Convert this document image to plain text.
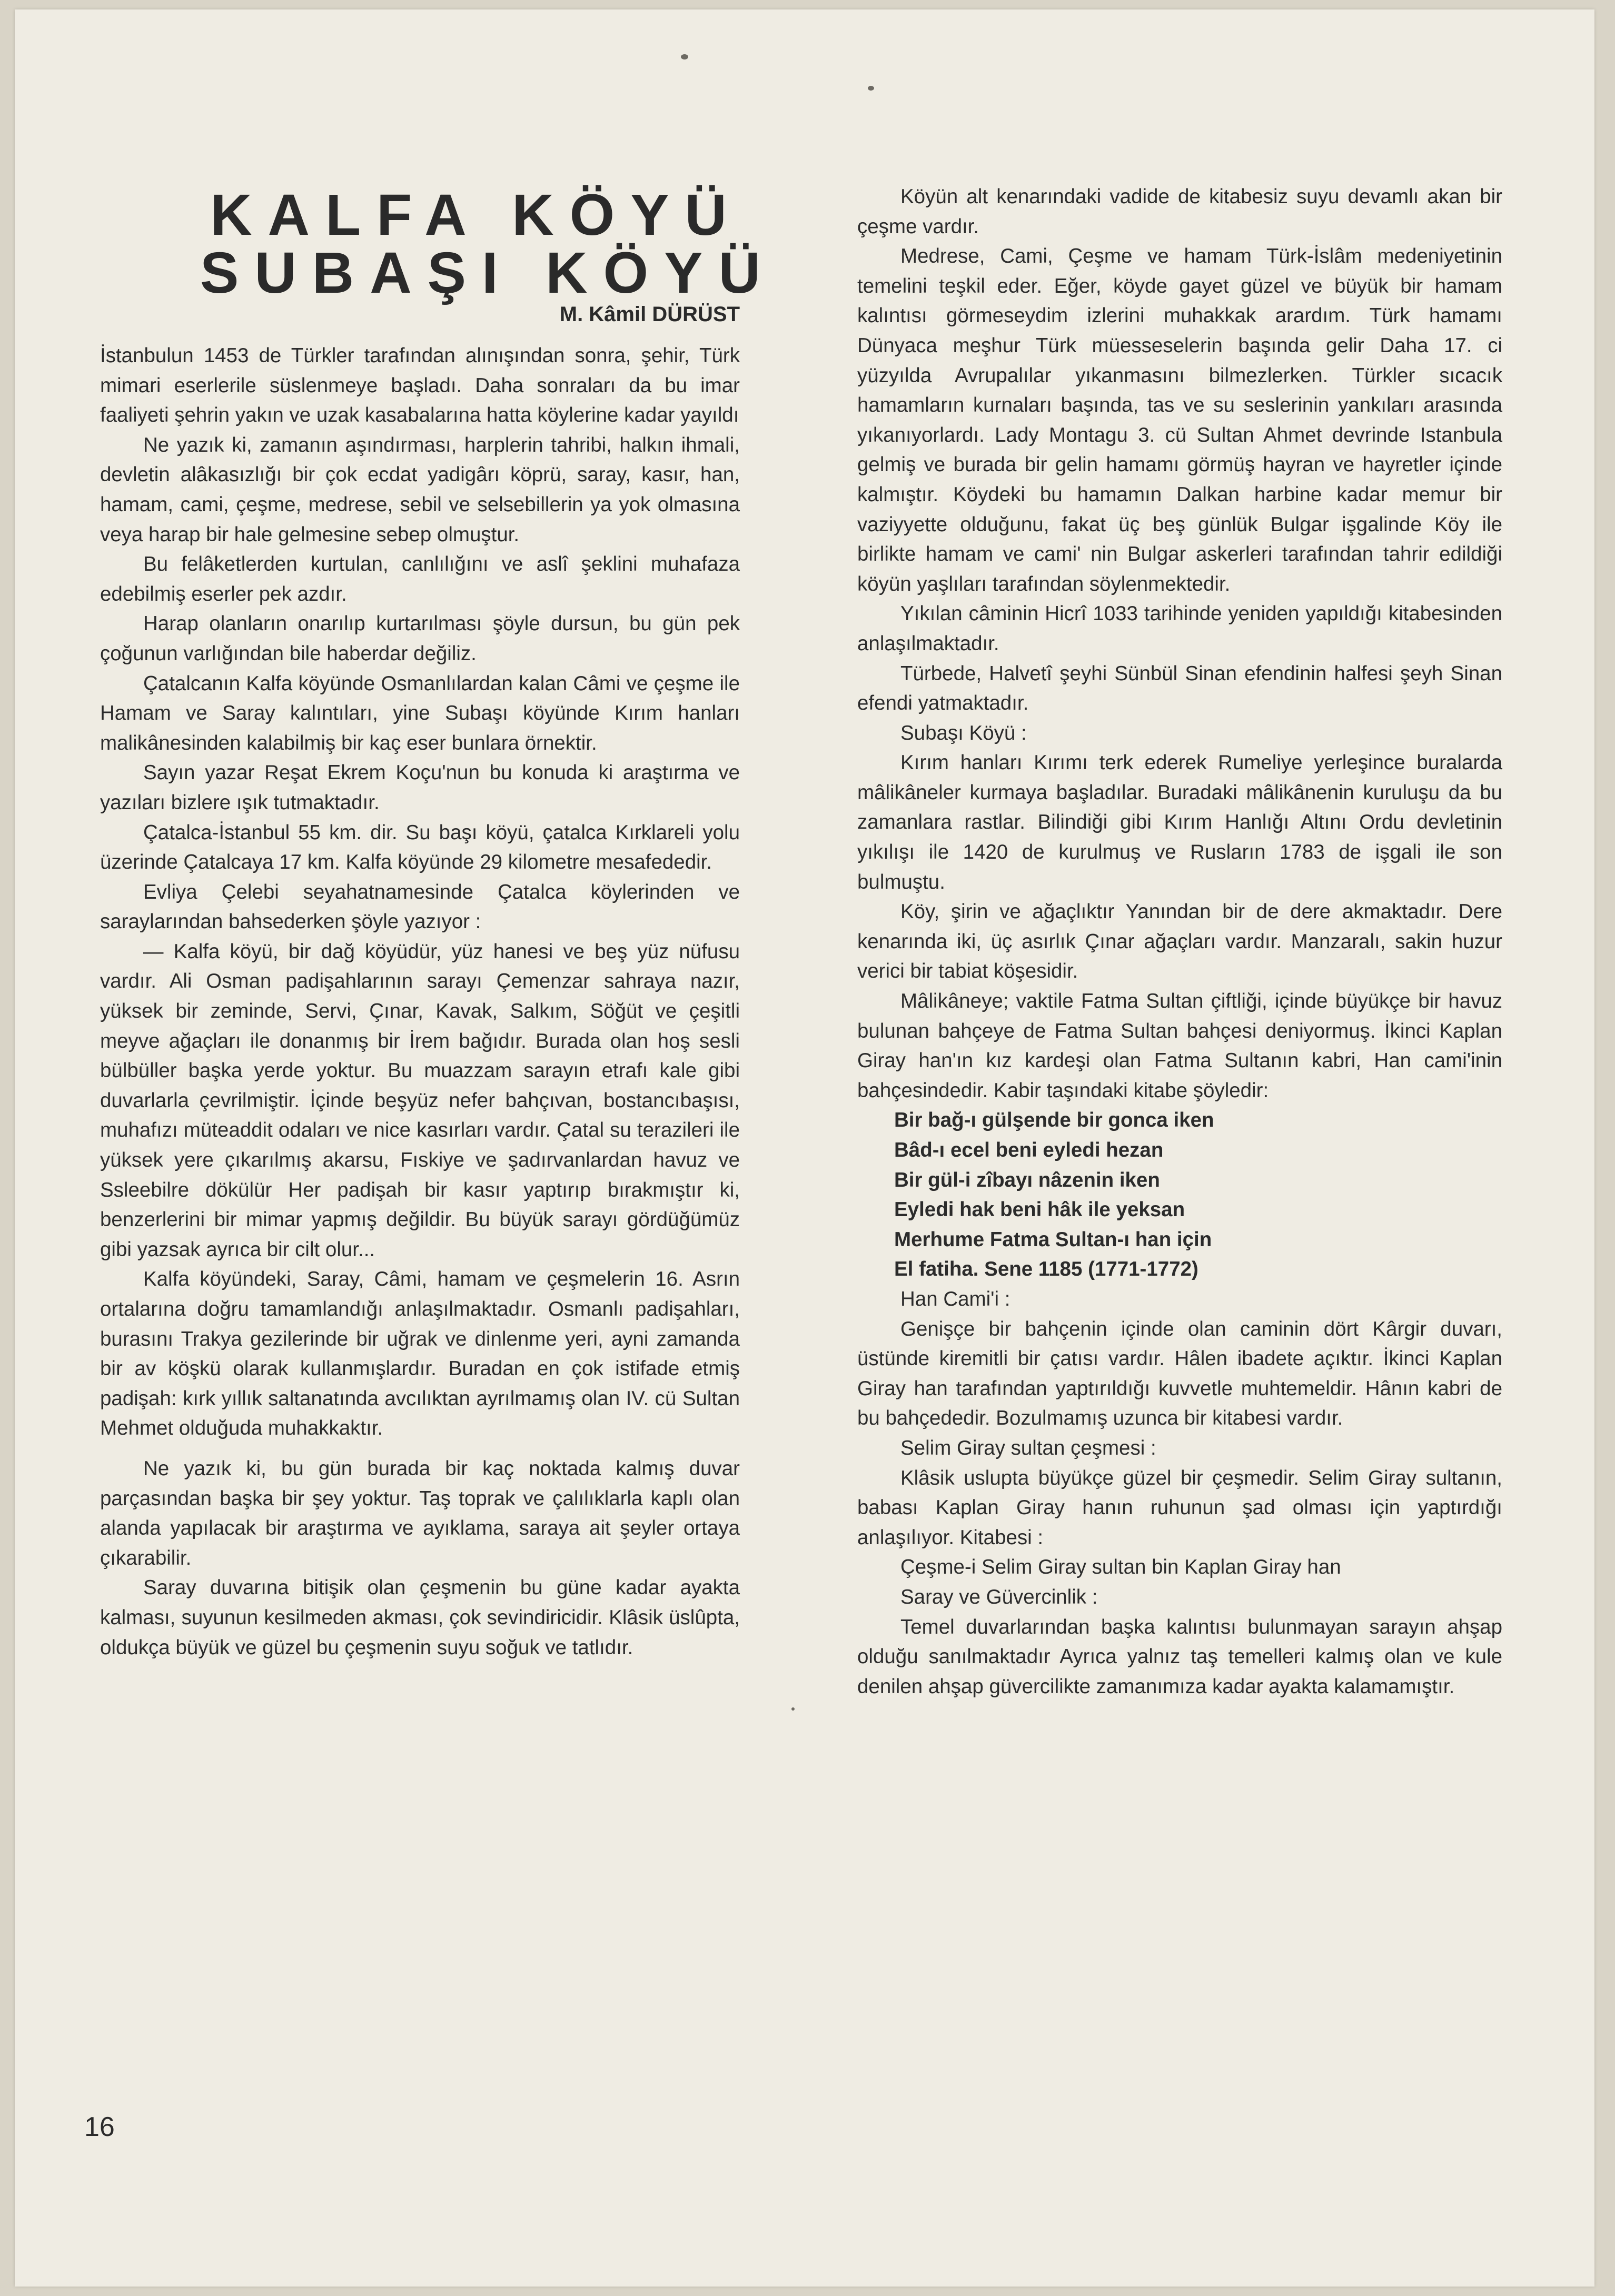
KALFA KÖYÜ
SUBAŞI KÖYÜ
M. Kâmil DÜRÜST

İstanbulun 1453 de Türkler tarafından alınışından sonra, şehir, Türk mimari eserlerile süslenmeye başladı. Daha sonraları da bu imar faaliyeti şehrin yakın ve uzak kasabalarına hatta köylerine kadar yayıldı

Ne yazık ki, zamanın aşındırması, harplerin tahribi, halkın ihmali, devletin alâkasızlığı bir çok ecdat yadigârı köprü, saray, kasır, han, hamam, cami, çeşme, medrese, sebil ve selsebillerin ya yok olmasına veya harap bir hale gelmesine sebep olmuştur.

Bu felâketlerden kurtulan, canlılığını ve aslî şeklini muhafaza edebilmiş eserler pek azdır.

Harap olanların onarılıp kurtarılması şöyle dursun, bu gün pek çoğunun varlığından bile haberdar değiliz.

Çatalcanın Kalfa köyünde Osmanlılardan kalan Câmi ve çeşme ile Hamam ve Saray kalıntıları, yine Subaşı köyünde Kırım hanları malikânesinden kalabilmiş bir kaç eser bunlara örnektir.

Sayın yazar Reşat Ekrem Koçu'nun bu konuda ki araştırma ve yazıları bizlere ışık tutmaktadır.

Çatalca-İstanbul 55 km. dir. Su başı köyü, çatalca Kırklareli yolu üzerinde Çatalcaya 17 km. Kalfa köyünde 29 kilometre mesafededir.

Evliya Çelebi seyahatnamesinde Çatalca köylerinden ve saraylarından bahsederken şöyle yazıyor :

— Kalfa köyü, bir dağ köyüdür, yüz hanesi ve beş yüz nüfusu vardır. Ali Osman padişahlarının sarayı Çemenzar sahraya nazır, yüksek bir zeminde, Servi, Çınar, Kavak, Salkım, Söğüt ve çeşitli meyve ağaçları ile donanmış bir İrem bağıdır. Burada olan hoş sesli bülbüller başka yerde yoktur. Bu muazzam sarayın etrafı kale gibi duvarlarla çevrilmiştir. İçinde beşyüz nefer bahçıvan, bostancıbaşısı, muhafızı müteaddit odaları ve nice kasırları vardır. Çatal su terazileri ile yüksek yere çıkarılmış akarsu, Fıskiye ve şadırvanlardan havuz ve Ssleebilre dökülür Her padişah bir kasır yaptırıp bırakmıştır ki, benzerlerini bir mimar yapmış değildir. Bu büyük sarayı gördüğümüz gibi yazsak ayrıca bir cilt olur...

Kalfa köyündeki, Saray, Câmi, hamam ve çeşmelerin 16. Asrın ortalarına doğru tamamlandığı anlaşılmaktadır. Osmanlı padişahları, burasını Trakya gezilerinde bir uğrak ve dinlenme yeri, ayni zamanda bir av köşkü olarak kullanmışlardır. Buradan en çok istifade etmiş padişah: kırk yıllık saltanatında avcılıktan ayrılmamış olan IV. cü Sultan Mehmet olduğuda muhakkaktır.

Ne yazık ki, bu gün burada bir kaç noktada kalmış duvar parçasından başka bir şey yoktur. Taş toprak ve çalılıklarla kaplı olan alanda yapılacak bir araştırma ve ayıklama, saraya ait şeyler ortaya çıkarabilir.

Saray duvarına bitişik olan çeşmenin bu güne kadar ayakta kalması, suyunun kesilmeden akması, çok sevindiricidir. Klâsik üslûpta, oldukça büyük ve güzel bu çeşmenin suyu soğuk ve tatlıdır.

Köyün alt kenarındaki vadide de kitabesiz suyu devamlı akan bir çeşme vardır.

Medrese, Cami, Çeşme ve hamam Türk-İslâm medeniyetinin temelini teşkil eder. Eğer, köyde gayet güzel ve büyük bir hamam kalıntısı görmeseydim izlerini muhakkak arardım. Türk hamamı Dünyaca meşhur Türk müesseselerin başında gelir Daha 17. ci yüzyılda Avrupalılar yıkanmasını bilmezlerken. Türkler sıcacık hamamların kurnaları başında, tas ve su seslerinin yankıları arasında yıkanıyorlardı. Lady Montagu 3. cü Sultan Ahmet devrinde Istanbula gelmiş ve burada bir gelin hamamı görmüş hayran ve hayretler içinde kalmıştır. Köydeki bu hamamın Dalkan harbine kadar memur bir vaziyyette olduğunu, fakat üç beş günlük Bulgar işgalinde Köy ile birlikte hamam ve cami' nin Bulgar askerleri tarafından tahrir edildiği köyün yaşlıları tarafından söylenmektedir.

Yıkılan câminin Hicrî 1033 tarihinde yeniden yapıldığı kitabesinden anlaşılmaktadır.

Türbede, Halvetî şeyhi Sünbül Sinan efendinin halfesi şeyh Sinan efendi yatmaktadır.

Subaşı Köyü :

Kırım hanları Kırımı terk ederek Rumeliye yerleşince buralarda mâlikâneler kurmaya başladılar. Buradaki mâlikânenin kuruluşu da bu zamanlara rastlar. Bilindiği gibi Kırım Hanlığı Altını Ordu devletinin yıkılışı ile 1420 de kurulmuş ve Rusların 1783 de işgali ile son bulmuştu.

Köy, şirin ve ağaçlıktır Yanından bir de dere akmaktadır. Dere kenarında iki, üç asırlık Çınar ağaçları vardır. Manzaralı, sakin huzur verici bir tabiat köşesidir.

Mâlikâneye; vaktile Fatma Sultan çiftliği, içinde büyükçe bir havuz bulunan bahçeye de Fatma Sultan bahçesi deniyormuş. İkinci Kaplan Giray han'ın kız kardeşi olan Fatma Sultanın kabri, Han cami'inin bahçesindedir. Kabir taşındaki kitabe şöyledir:

Bir bağ-ı gülşende bir gonca iken
Bâd-ı ecel beni eyledi hezan
Bir gül-i zîbayı nâzenin iken
Eyledi hak beni hâk ile yeksan
Merhume Fatma Sultan-ı han için
El fatiha. Sene 1185 (1771-1772)

Han Cami'i :

Genişçe bir bahçenin içinde olan caminin dört Kârgir duvarı, üstünde kiremitli bir çatısı vardır. Hâlen ibadete açıktır. İkinci Kaplan Giray han tarafından yaptırıldığı kuvvetle muhtemeldir. Hânın kabri de bu bahçededir. Bozulmamış uzunca bir kitabesi vardır.

Selim Giray sultan çeşmesi :

Klâsik uslupta büyükçe güzel bir çeşmedir. Selim Giray sultanın, babası Kaplan Giray hanın ruhunun şad olması için yaptırdığı anlaşılıyor. Kitabesi :

Çeşme-i Selim Giray sultan bin Kaplan Giray han

Saray ve Güvercinlik :

Temel duvarlarından başka kalıntısı bulunmayan sarayın ahşap olduğu sanılmaktadır Ayrıca yalnız taş temelleri kalmış olan ve kule denilen ahşap güvercilikte zamanımıza kadar ayakta kalamamıştır.

16
